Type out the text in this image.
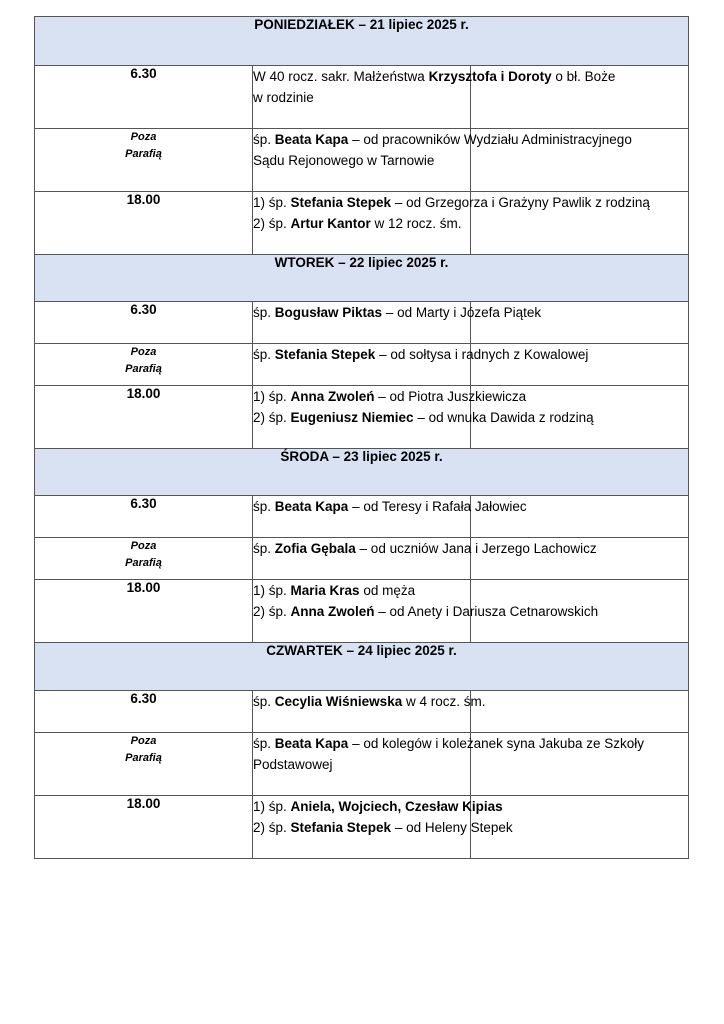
PONIEDZIAŁEK – 21 lipiec 2025 r.		
6.30	W 40 rocz. sakr. Małżeństwa Krzysztofa i Doroty o bł. Boże
w rodzinie	

Poza
Parafią	śp. Beata Kapa – od pracowników Wydziału Administracyjnego
Sądu Rejonowego w Tarnowie	

18.00	1) śp. Stefania Stepek – od Grzegorza i Grażyny Pawlik z rodziną
2) śp. Artur Kantor w 12 rocz. śm.	

WTOREK – 22 lipiec 2025 r.		
6.30	śp. Bogusław Piktas – od Marty i Józefa Piątek	

Poza
Parafią	śp. Stefania Stepek – od sołtysa i radnych z Kowalowej	

18.00	1) śp. Anna Zwoleń – od Piotra Juszkiewicza
2) śp. Eugeniusz Niemiec – od wnuka Dawida z rodziną	

ŚRODA – 23 lipiec 2025 r.		
6.30	śp. Beata Kapa – od Teresy i Rafała Jałowiec	

Poza
Parafią	śp. Zofia Gębala – od uczniów Jana i Jerzego Lachowicz	

18.00	1) śp. Maria Kras od męża
2) śp. Anna Zwoleń – od Anety i Dariusza Cetnarowskich	

CZWARTEK – 24 lipiec 2025 r.		
6.30	śp. Cecylia Wiśniewska w 4 rocz. śm.	

Poza
Parafią	śp. Beata Kapa – od kolegów i koleżanek syna Jakuba ze Szkoły
Podstawowej	

18.00	1) śp. Aniela, Wojciech, Czesław Kipias
2) śp. Stefania Stepek – od Heleny Stepek	
